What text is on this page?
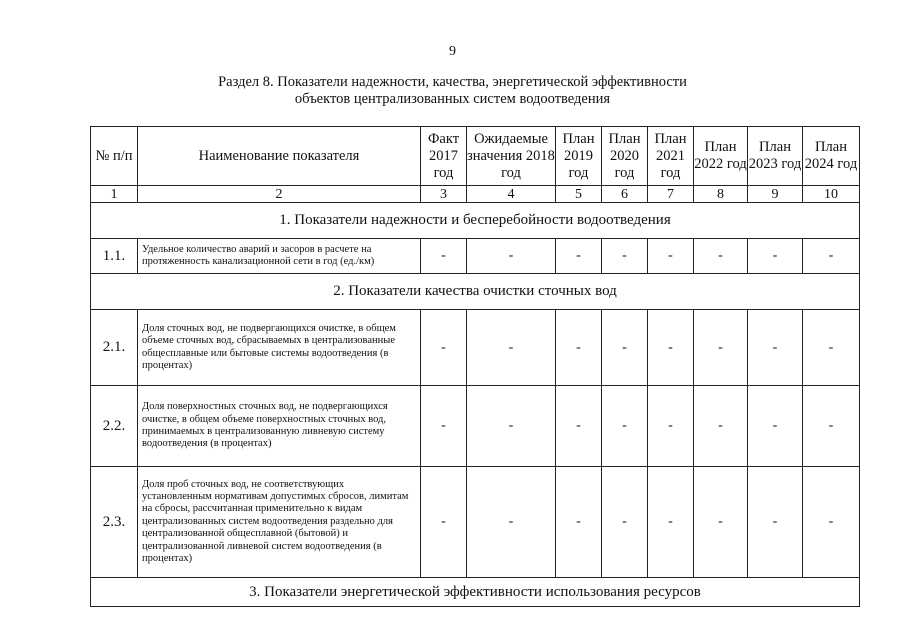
9
Раздел 8. Показатели надежности, качества, энергетической эффективности
объектов централизованных систем водоотведения
№ п/п	Наименование показателя	Факт 2017 год	Ожидаемые значения 2018 год	План 2019 год	План 2020 год	План 2021 год	План 2022 год	План 2023 год	План 2024 год
1	2	3	4	5	6	7	8	9	10
1. Показатели надежности и бесперебойности водоотведения									
1.1.	Удельное количество аварий и засоров в расчете на протяженность канализационной сети в год (ед./км)	-	-	-	-	-	-	-	-
2. Показатели качества очистки сточных вод									
2.1.	Доля сточных вод, не подвергающихся очистке, в общем объеме сточных вод, сбрасываемых в централизованные общесплавные или бытовые системы водоотведения (в процентах)	-	-	-	-	-	-	-	-
2.2.	Доля поверхностных сточных вод, не подвергающихся очистке, в общем объеме поверхностных сточных вод, принимаемых в централизованную ливневую систему водоотведения (в процентах)	-	-	-	-	-	-	-	-
2.3.	Доля проб сточных вод, не соответствующих установленным нормативам допустимых сбросов, лимитам на сбросы, рассчитанная применительно к видам централизованных систем водоотведения раздельно для централизованной общесплавной (бытовой) и централизованной ливневой систем водоотведения (в процентах)	-	-	-	-	-	-	-	-
3. Показатели энергетической эффективности использования ресурсов									
